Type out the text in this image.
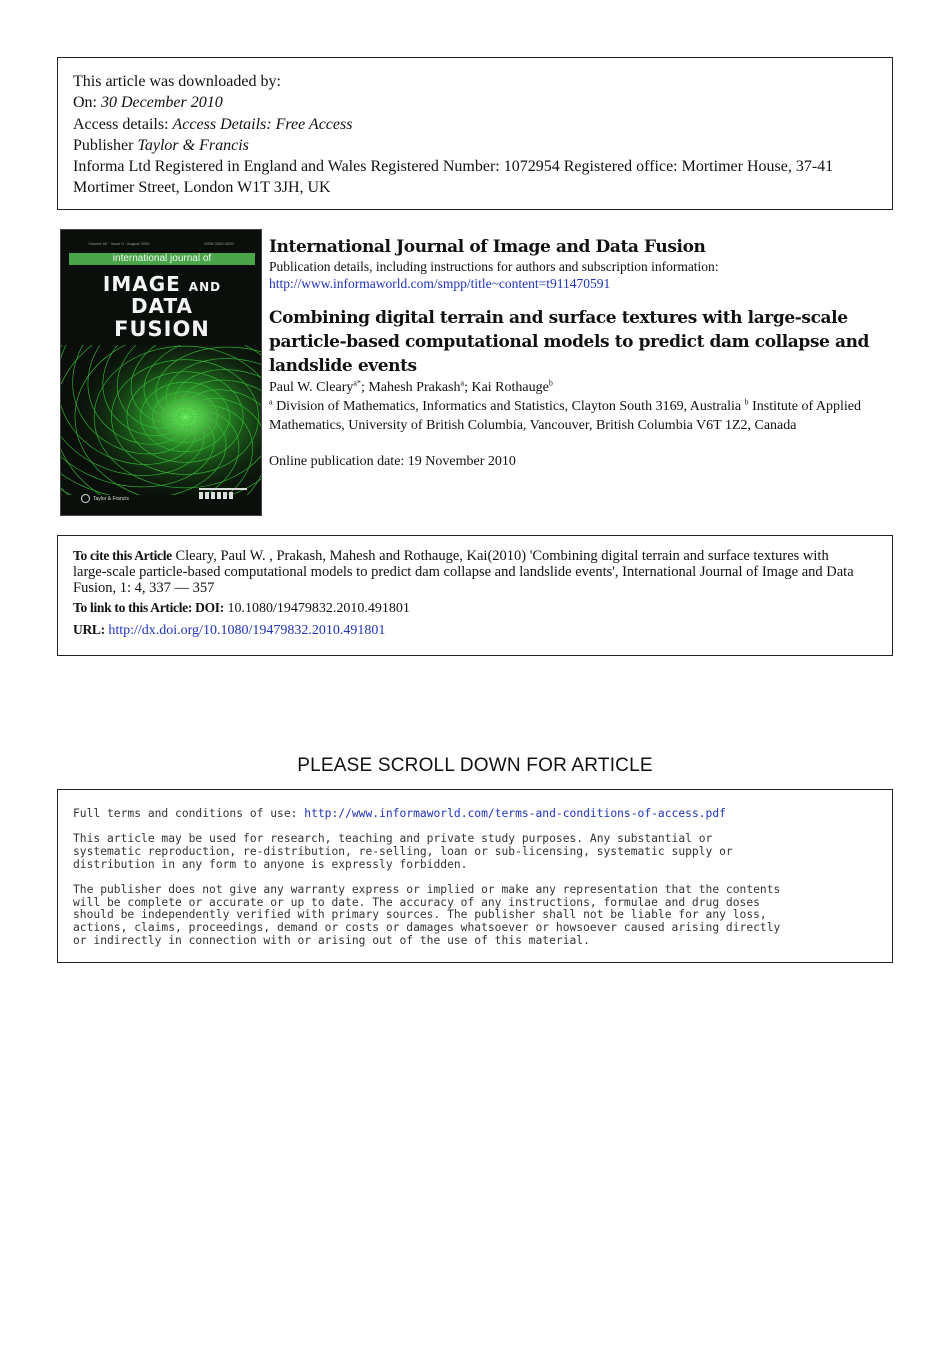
This article was downloaded by:
On: 30 December 2010
Access details: Access Details: Free Access
Publisher Taylor & Francis
Informa Ltd Registered in England and Wales Registered Number: 1072954 Registered office: Mortimer House, 37-41 Mortimer Street, London W1T 3JH, UK
Volume 00 · Issue 0 · August 2009	ISSN 0000-0000
international journal of
IMAGE AND
DATA
FUSION
Taylor & Francis
International Journal of Image and Data Fusion
Publication details, including instructions for authors and subscription information:
http://www.informaworld.com/smpp/title~content=t911470591
Combining digital terrain and surface textures with large-scale particle-based computational models to predict dam collapse and landslide events
Paul W. Cleary$^{a*}$; Mahesh Prakash$^a$; Kai Rothauge$^b$
$^a$ Division of Mathematics, Informatics and Statistics, Clayton South 3169, Australia $^b$ Institute of Applied Mathematics, University of British Columbia, Vancouver, British Columbia V6T 1Z2, Canada
Online publication date: 19 November 2010
To cite this Article Cleary, Paul W. , Prakash, Mahesh and Rothauge, Kai(2010) 'Combining digital terrain and surface textures with large-scale particle-based computational models to predict dam collapse and landslide events', International Journal of Image and Data Fusion, 1: 4, 337 — 357
To link to this Article: DOI: 10.1080/19479832.2010.491801
URL: http://dx.doi.org/10.1080/19479832.2010.491801
PLEASE SCROLL DOWN FOR ARTICLE

Full terms and conditions of use: http://www.informaworld.com/terms-and-conditions-of-access.pdf

This article may be used for research, teaching and private study purposes. Any substantial or
systematic reproduction, re-distribution, re-selling, loan or sub-licensing, systematic supply or
distribution in any form to anyone is expressly forbidden.

The publisher does not give any warranty express or implied or make any representation that the contents
will be complete or accurate or up to date. The accuracy of any instructions, formulae and drug doses
should be independently verified with primary sources. The publisher shall not be liable for any loss,
actions, claims, proceedings, demand or costs or damages whatsoever or howsoever caused arising directly
or indirectly in connection with or arising out of the use of this material.
